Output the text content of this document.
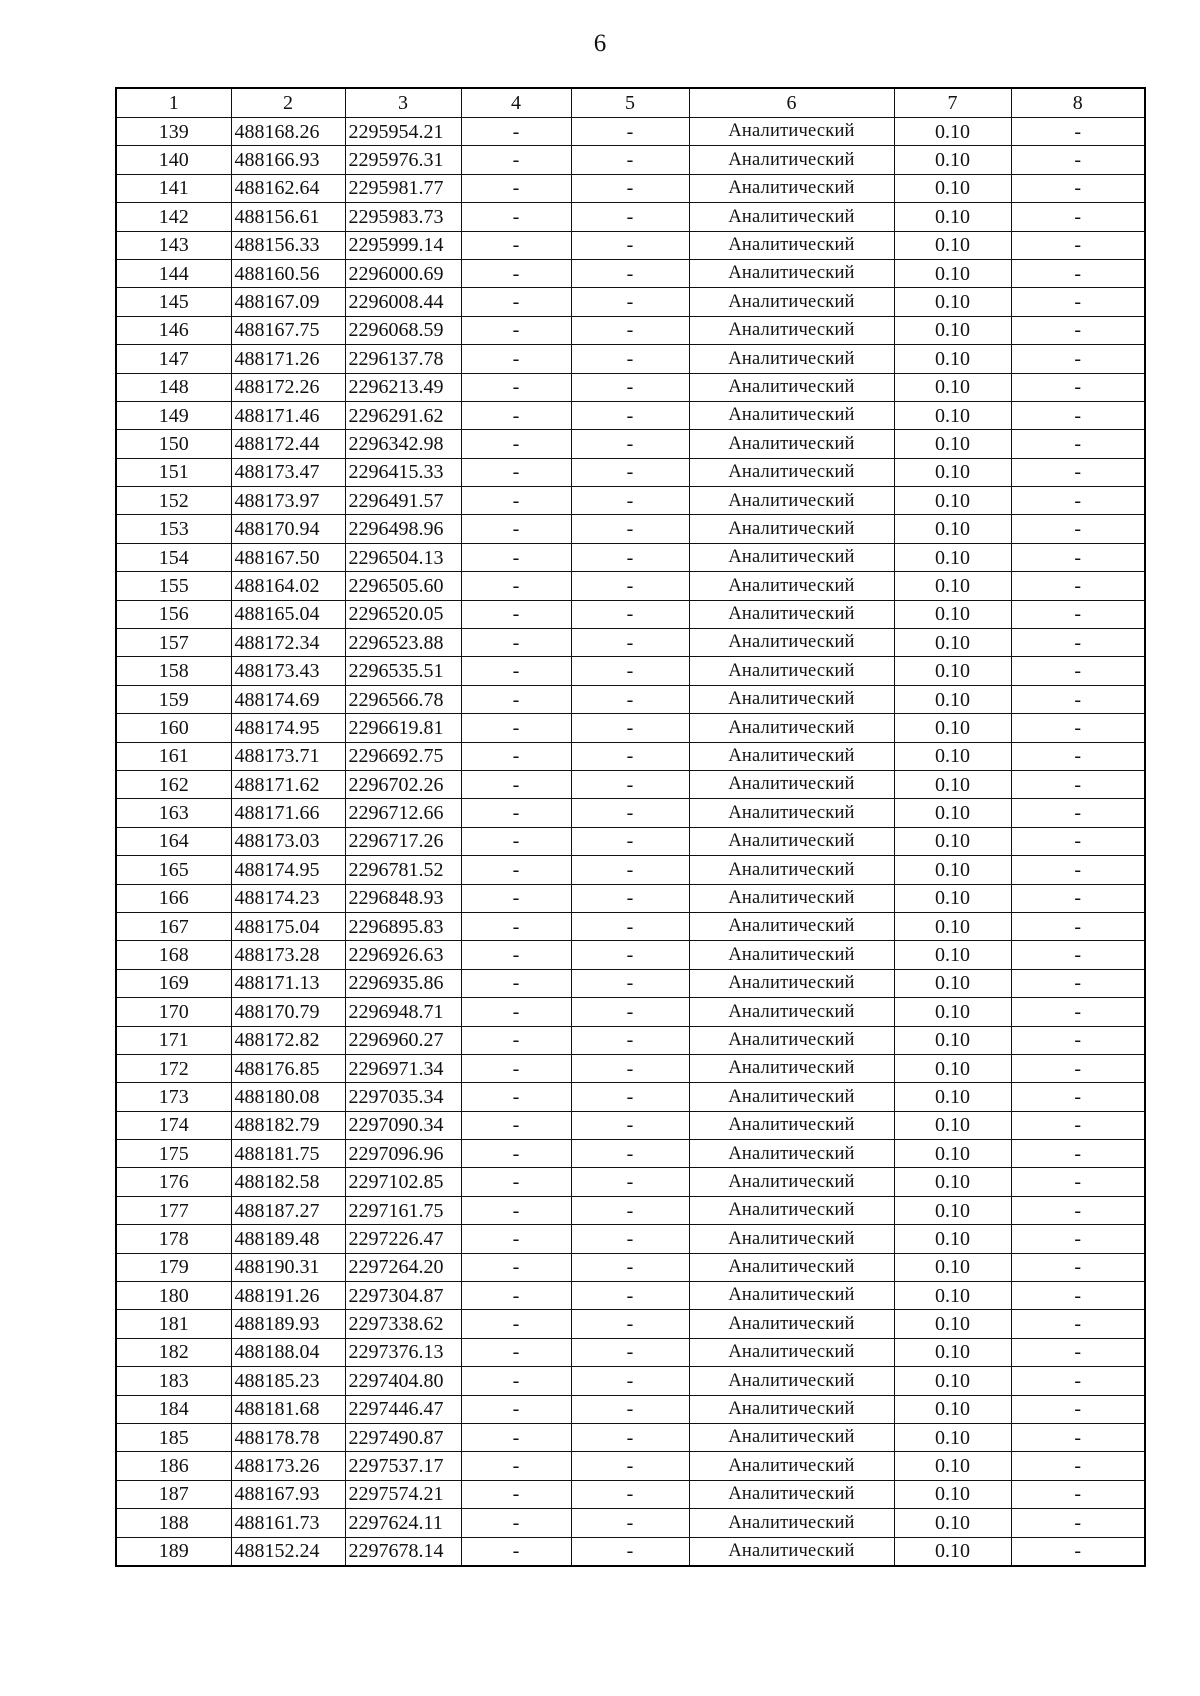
6
1	2	3	4	5	6	7	8
139	488168.26	2295954.21	-	-	Аналитический	0.10	-
140	488166.93	2295976.31	-	-	Аналитический	0.10	-
141	488162.64	2295981.77	-	-	Аналитический	0.10	-
142	488156.61	2295983.73	-	-	Аналитический	0.10	-
143	488156.33	2295999.14	-	-	Аналитический	0.10	-
144	488160.56	2296000.69	-	-	Аналитический	0.10	-
145	488167.09	2296008.44	-	-	Аналитический	0.10	-
146	488167.75	2296068.59	-	-	Аналитический	0.10	-
147	488171.26	2296137.78	-	-	Аналитический	0.10	-
148	488172.26	2296213.49	-	-	Аналитический	0.10	-
149	488171.46	2296291.62	-	-	Аналитический	0.10	-
150	488172.44	2296342.98	-	-	Аналитический	0.10	-
151	488173.47	2296415.33	-	-	Аналитический	0.10	-
152	488173.97	2296491.57	-	-	Аналитический	0.10	-
153	488170.94	2296498.96	-	-	Аналитический	0.10	-
154	488167.50	2296504.13	-	-	Аналитический	0.10	-
155	488164.02	2296505.60	-	-	Аналитический	0.10	-
156	488165.04	2296520.05	-	-	Аналитический	0.10	-
157	488172.34	2296523.88	-	-	Аналитический	0.10	-
158	488173.43	2296535.51	-	-	Аналитический	0.10	-
159	488174.69	2296566.78	-	-	Аналитический	0.10	-
160	488174.95	2296619.81	-	-	Аналитический	0.10	-
161	488173.71	2296692.75	-	-	Аналитический	0.10	-
162	488171.62	2296702.26	-	-	Аналитический	0.10	-
163	488171.66	2296712.66	-	-	Аналитический	0.10	-
164	488173.03	2296717.26	-	-	Аналитический	0.10	-
165	488174.95	2296781.52	-	-	Аналитический	0.10	-
166	488174.23	2296848.93	-	-	Аналитический	0.10	-
167	488175.04	2296895.83	-	-	Аналитический	0.10	-
168	488173.28	2296926.63	-	-	Аналитический	0.10	-
169	488171.13	2296935.86	-	-	Аналитический	0.10	-
170	488170.79	2296948.71	-	-	Аналитический	0.10	-
171	488172.82	2296960.27	-	-	Аналитический	0.10	-
172	488176.85	2296971.34	-	-	Аналитический	0.10	-
173	488180.08	2297035.34	-	-	Аналитический	0.10	-
174	488182.79	2297090.34	-	-	Аналитический	0.10	-
175	488181.75	2297096.96	-	-	Аналитический	0.10	-
176	488182.58	2297102.85	-	-	Аналитический	0.10	-
177	488187.27	2297161.75	-	-	Аналитический	0.10	-
178	488189.48	2297226.47	-	-	Аналитический	0.10	-
179	488190.31	2297264.20	-	-	Аналитический	0.10	-
180	488191.26	2297304.87	-	-	Аналитический	0.10	-
181	488189.93	2297338.62	-	-	Аналитический	0.10	-
182	488188.04	2297376.13	-	-	Аналитический	0.10	-
183	488185.23	2297404.80	-	-	Аналитический	0.10	-
184	488181.68	2297446.47	-	-	Аналитический	0.10	-
185	488178.78	2297490.87	-	-	Аналитический	0.10	-
186	488173.26	2297537.17	-	-	Аналитический	0.10	-
187	488167.93	2297574.21	-	-	Аналитический	0.10	-
188	488161.73	2297624.11	-	-	Аналитический	0.10	-
189	488152.24	2297678.14	-	-	Аналитический	0.10	-
